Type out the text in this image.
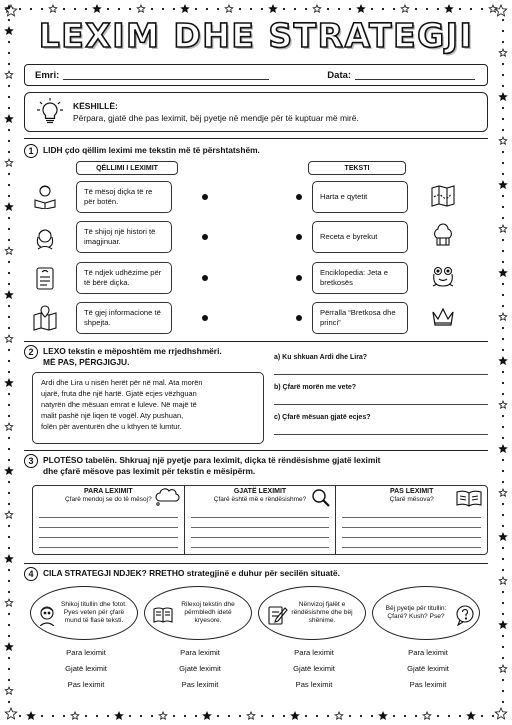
LEXIM DHE STRATEGJI
Emri:	Data:
KËSHILLË:
Përpara, gjatë dhe pas leximit, bëj pyetje në mendje për të kuptuar më mirë.
1	LIDH çdo qëllim leximi me tekstin më të përshtatshëm.
QËLLIMI I LEXIMIT	TEKSTI
Të mësoj diçka të re për botën.
Të shijoj një histori të imagjinuar.
Të ndjek udhëzime për të bërë diçka.
Të gjej informacione të shpejta.
Harta e qytetit
Receta e byrekut
Enciklopedia: Jeta e bretkosës
Përralla “Bretkosa dhe princi”
2	LEXO tekstin e mëposhtëm me rrjedhshmëri.
MË PAS, PËRGJIGJU.
Ardi dhe Lira u nisën herët për në mal. Ata morën
ujarë, fruta dhe një hartë. Gjatë ecjes vëzhguan
natyrën dhe mësuan emrat e luleve. Në majë të
malit pashë një liqen të vogël. Aty pushuan,
folën për aventurën dhe u kthyen të lumtur.
a) Ku shkuan Ardi dhe Lira?
b) Çfarë morën me vete?
c) Çfarë mësuan gjatë ecjes?
3	PLOTËSO tabelën. Shkruaj një pyetje para leximit, diçka të rëndësishme gjatë leximit
dhe çfarë mësove pas leximit për tekstin e mësipërm.
PARA LEXIMIT
Çfarë mendoj se do të mësoj?
GJATË LEXIMIT
Çfarë është më e rëndësishme?
PAS LEXIMIT
Çfarë mësova?
4	CILA STRATEGJI NDJEK? RRETHO strategjinë e duhur për secilën situatë.
Shikoj titullin dhe fotot. Pyes veten për çfarë mund të flasë teksti.
Rilexoj tekstin dhe përmbledh idetë kryesore.
Nënvizoj fjalët e rëndësishme dhe bëj shënime.
Bëj pyetje për titullin: Çfarë? Kush? Pse?
Para leximit
Gjatë leximit
Pas leximit
Para leximit
Gjatë leximit
Pas leximit
Para leximit
Gjatë leximit
Pas leximit
Para leximit
Gjatë leximit
Pas leximit
